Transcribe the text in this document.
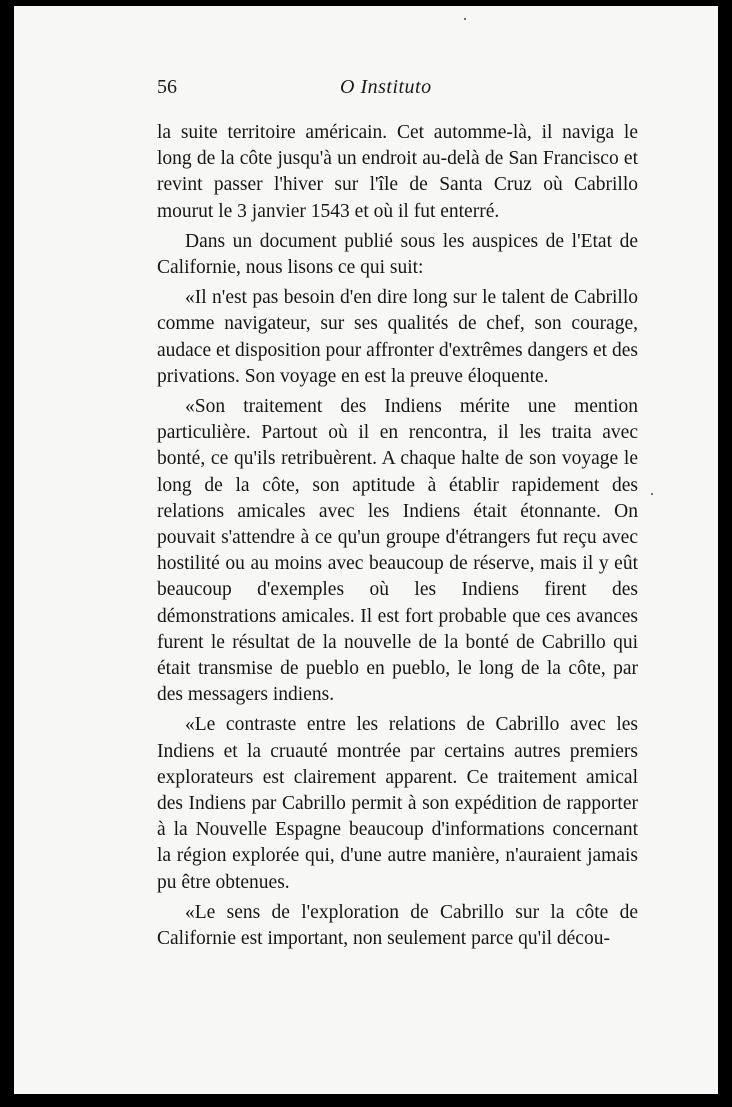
56	O Instituto

la suite territoire américain. Cet automme-là, il naviga le long de la côte jusqu'à un endroit au-delà de San Francisco et revint passer l'hiver sur l'île de Santa Cruz où Cabrillo mourut le 3 janvier 1543 et où il fut enterré.

Dans un document publié sous les auspices de l'Etat de Californie, nous lisons ce qui suit:

«Il n'est pas besoin d'en dire long sur le talent de Cabrillo comme navigateur, sur ses qualités de chef, son courage, audace et disposition pour affronter d'extrêmes dangers et des privations. Son voyage en est la preuve éloquente.

«Son traitement des Indiens mérite une mention particulière. Partout où il en rencontra, il les traita avec bonté, ce qu'ils retribuèrent. A chaque halte de son voyage le long de la côte, son aptitude à établir rapidement des relations amicales avec les Indiens était étonnante. On pouvait s'attendre à ce qu'un groupe d'étrangers fut reçu avec hostilité ou au moins avec beaucoup de réserve, mais il y eût beaucoup d'exemples où les Indiens firent des démonstrations amicales. Il est fort probable que ces avances furent le résultat de la nouvelle de la bonté de Cabrillo qui était transmise de pueblo en pueblo, le long de la côte, par des messagers indiens.

«Le contraste entre les relations de Cabrillo avec les Indiens et la cruauté montrée par certains autres premiers explorateurs est clairement apparent. Ce traitement amical des Indiens par Cabrillo permit à son expédition de rapporter à la Nouvelle Espagne beaucoup d'informations concernant la région explorée qui, d'une autre manière, n'auraient jamais pu être obtenues.

«Le sens de l'exploration de Cabrillo sur la côte de Californie est important, non seulement parce qu'il décou‑
